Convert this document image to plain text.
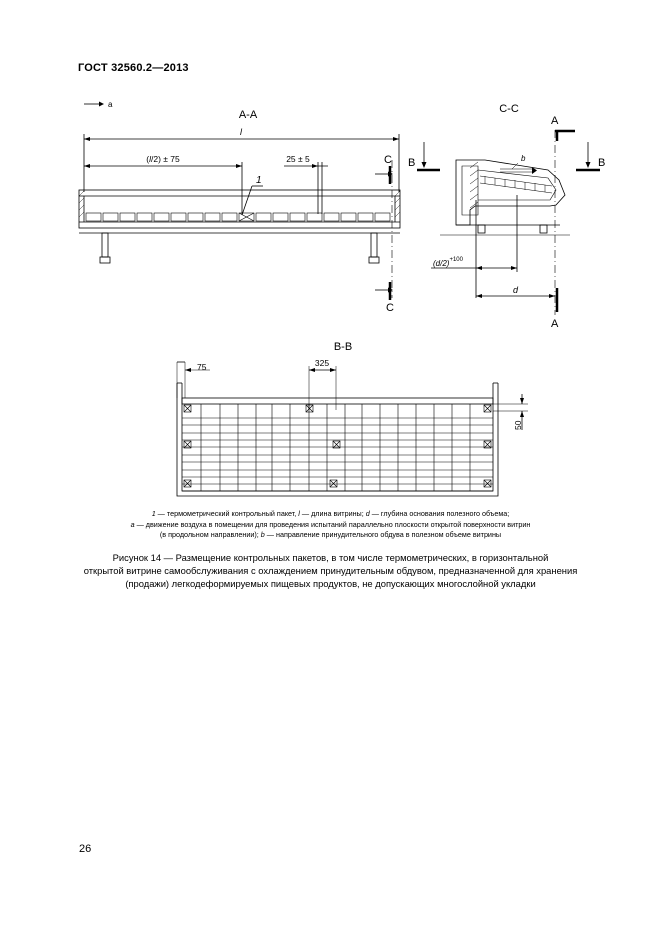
ГОСТ 32560.2—2013
A-A
a
l
(l/2) ± 75	25 ± 5
1
C
C
C-C
A
A
B	B
b
$(d/2)^{+100}$
d
B-B
75	325
50
1 — термометрический контрольный пакет, l — длина витрины; d — глубина основания полезного объема;
a — движение воздуха в помещении для проведения испытаний параллельно плоскости открытой поверхности витрин
(в продольном направлении); b — направление принудительного обдува в полезном объеме витрины
Рисунок 14 — Размещение контрольных пакетов, в том числе термометрических, в горизонтальной
открытой витрине самообслуживания с охлаждением принудительным обдувом, предназначенной для хранения
(продажи) легкодеформируемых пищевых продуктов, не допускающих многослойной укладки
26
